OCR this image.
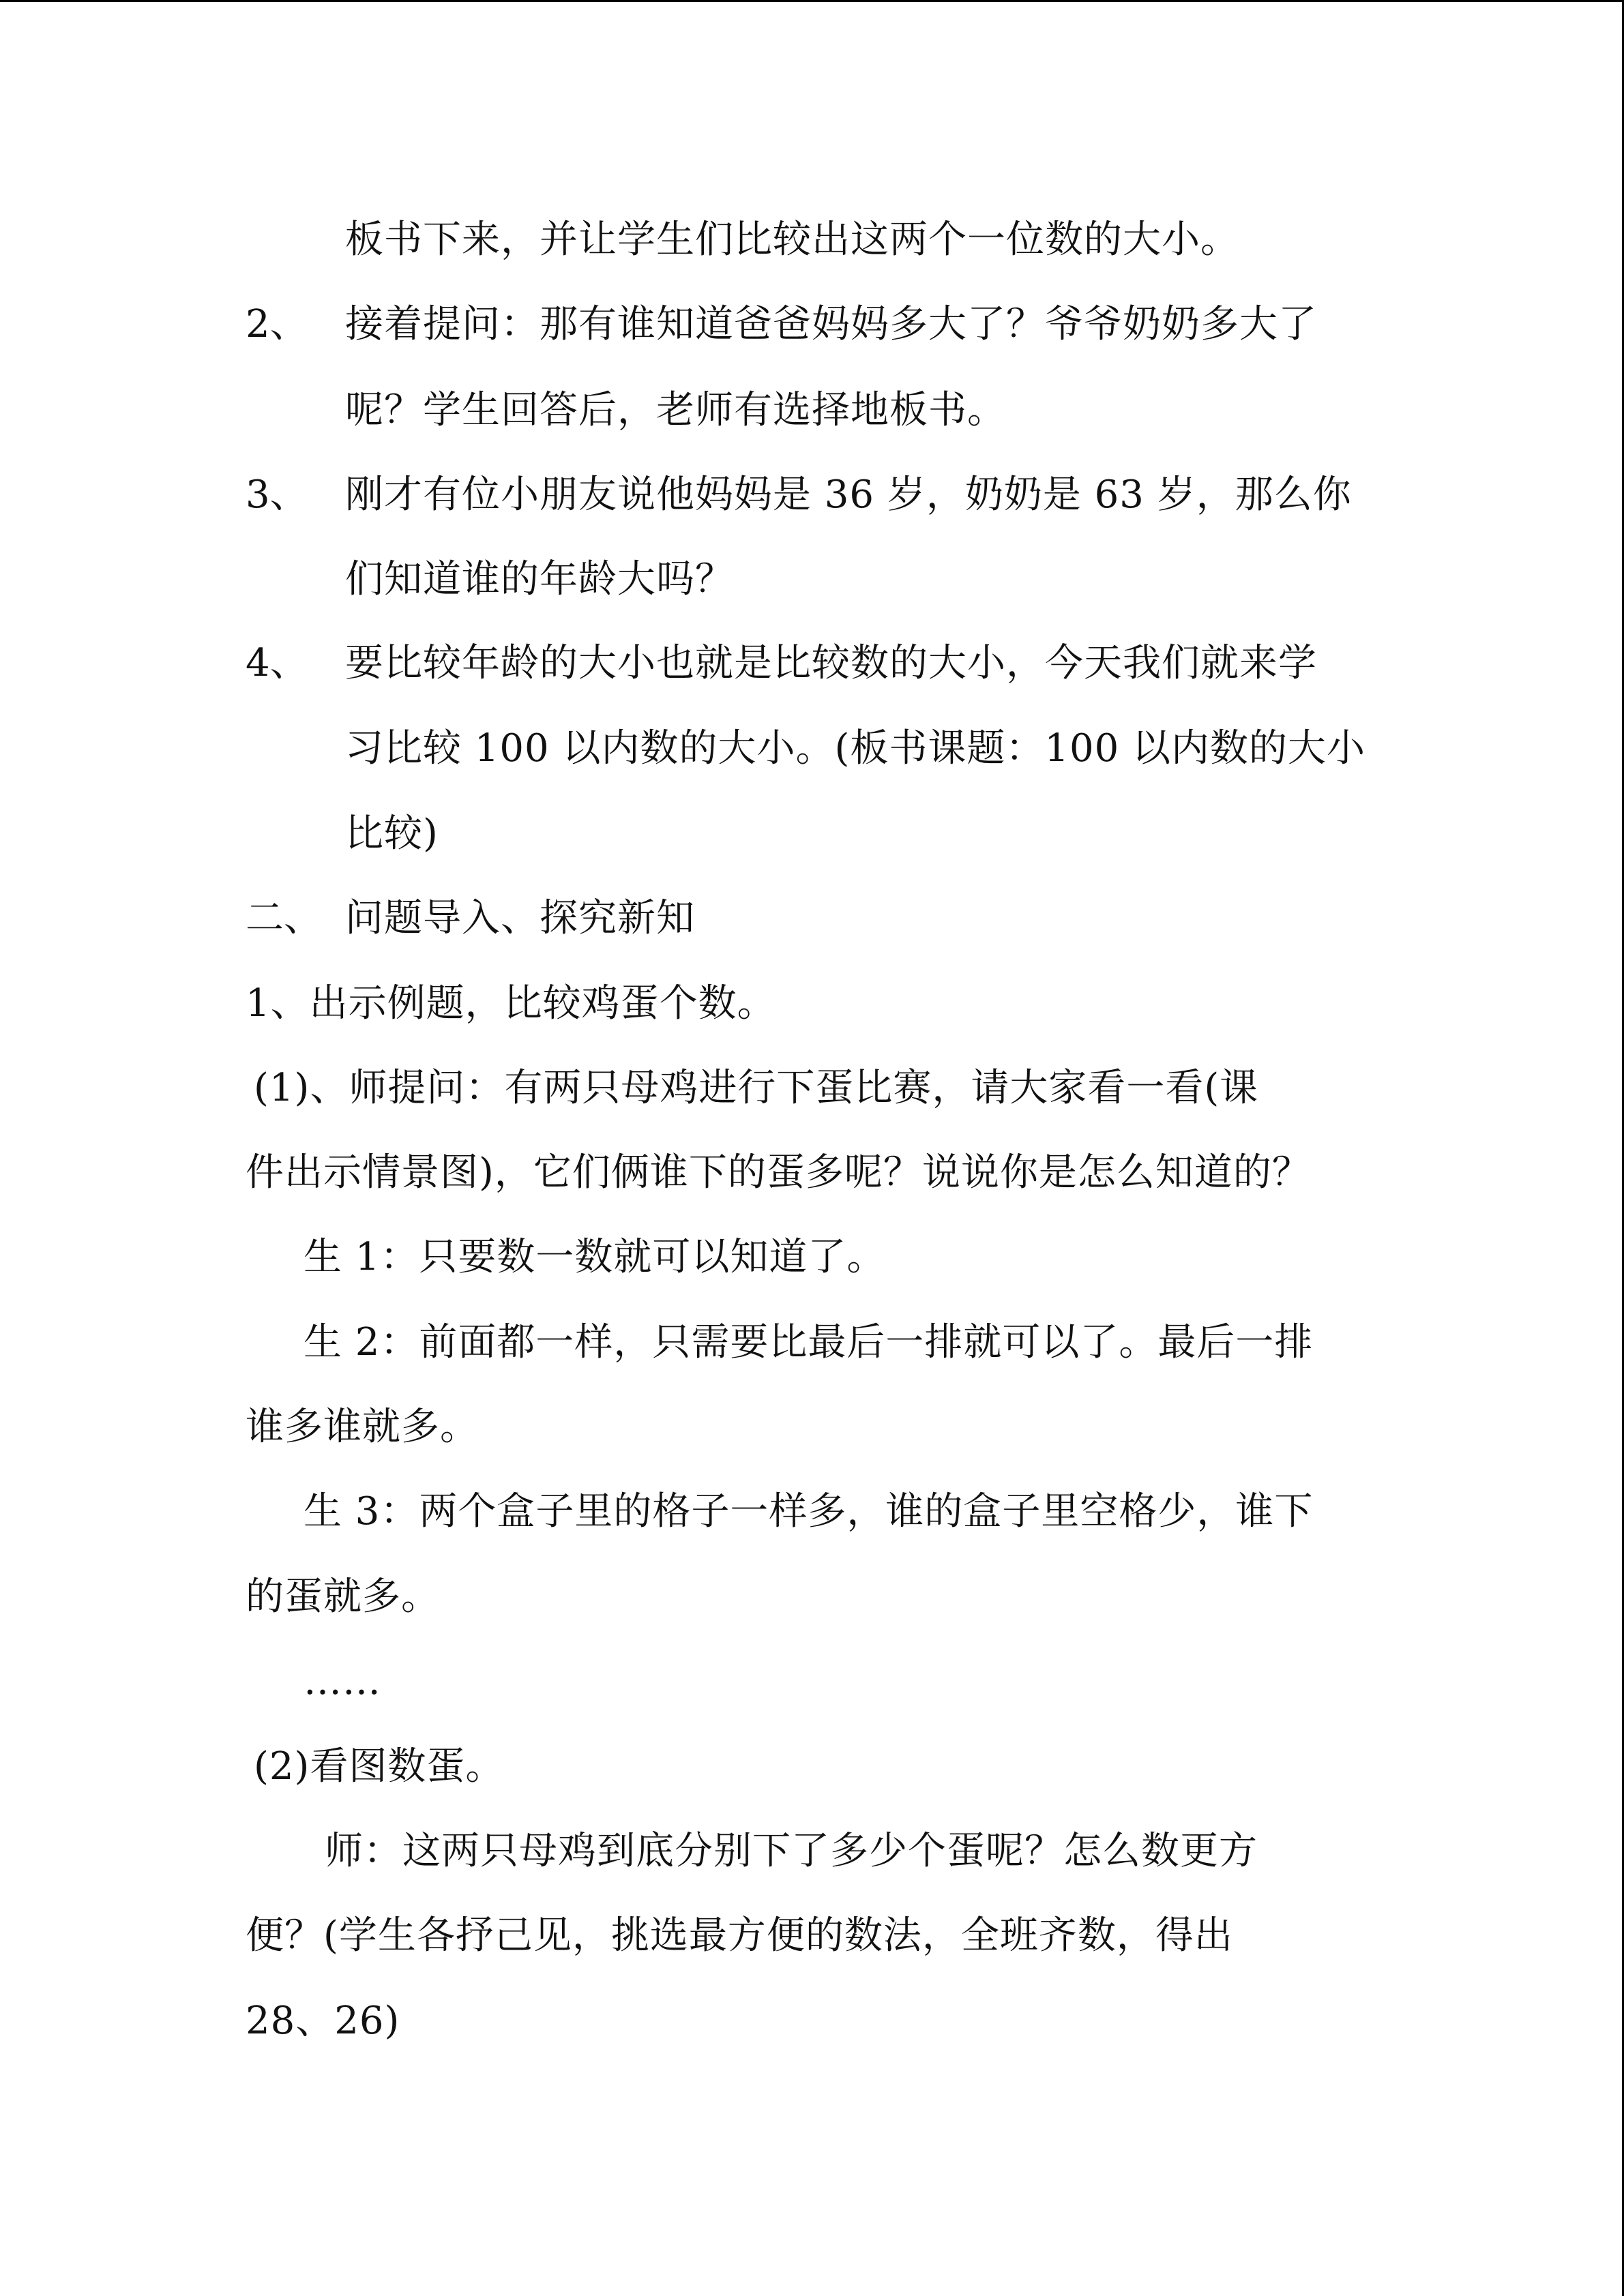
板书下来，并让学生们比较出这两个一位数的大小。
2、 接着提问：那有谁知道爸爸妈妈多大了？爷爷奶奶多大了
呢？学生回答后，老师有选择地板书。
3、 刚才有位小朋友说他妈妈是 36 岁，奶奶是 63 岁，那么你
们知道谁的年龄大吗？
4、 要比较年龄的大小也就是比较数的大小，今天我们就来学
习比较 100 以内数的大小。(板书课题：100 以内数的大小
比较)
二、 问题导入、探究新知
1、出示例题，比较鸡蛋个数。
(1)、师提问：有两只母鸡进行下蛋比赛，请大家看一看(课
件出示情景图)，它们俩谁下的蛋多呢？说说你是怎么知道的？
生 1：只要数一数就可以知道了。
生 2：前面都一样，只需要比最后一排就可以了。最后一排
谁多谁就多。
生 3：两个盒子里的格子一样多，谁的盒子里空格少，谁下
的蛋就多。
……
(2)看图数蛋。
师：这两只母鸡到底分别下了多少个蛋呢？怎么数更方
便？(学生各抒己见，挑选最方便的数法，全班齐数，得出
28、26)
